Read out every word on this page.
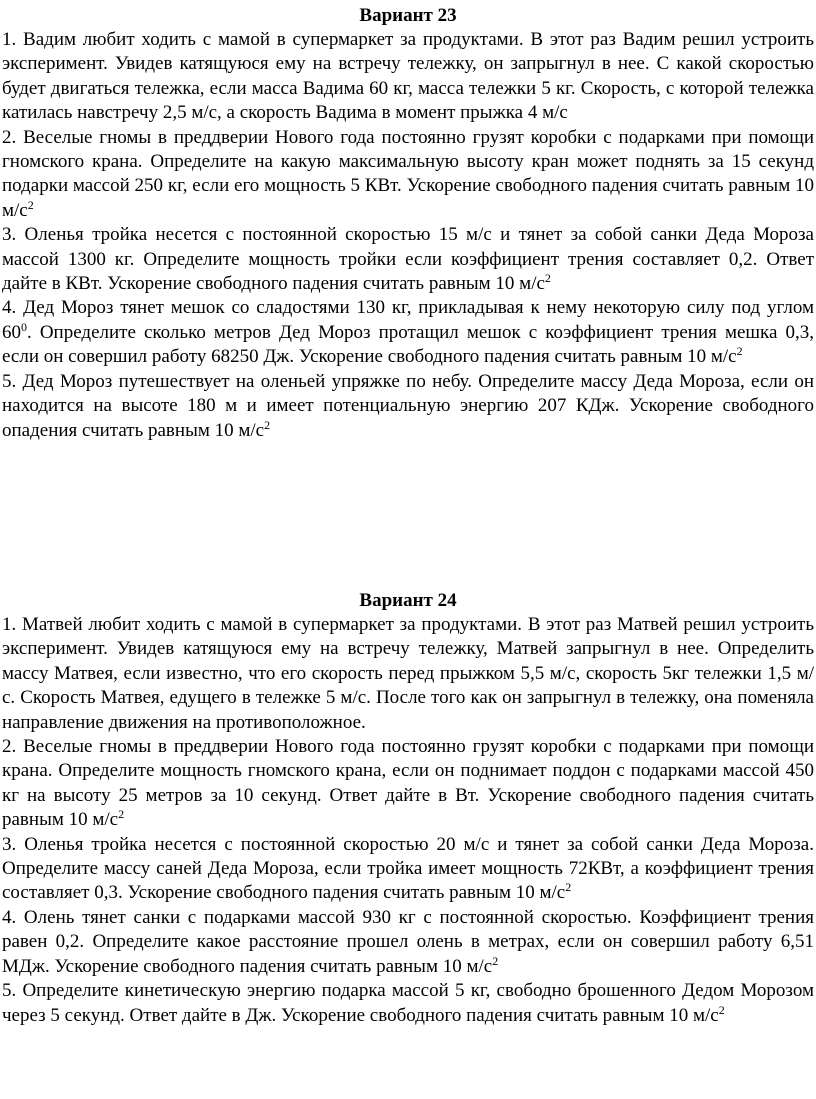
Вариант 23

1. Вадим любит ходить с мамой в супермаркет за продуктами. В этот раз Вадим решил устроить эксперимент. Увидев катящуюся ему на встречу тележку, он запрыгнул в нее. С какой скоростью будет двигаться тележка, если масса Вадима 60 кг, масса тележки 5 кг. Скорость, с которой тележка катилась навстречу 2,5 м/с, а скорость Вадима в момент прыжка 4 м/с

2. Веселые гномы в преддверии Нового года постоянно грузят коробки с подарками при помощи гномского крана. Определите на какую максимальную высоту кран может поднять за 15 секунд подарки массой 250 кг, если его мощность 5 КВт. Ускорение свободного падения считать равным 10 $м/с^2$

3. Оленья тройка несется с постоянной скоростью 15 м/с и тянет за собой санки Деда Мороза массой 1300 кг. Определите мощность тройки если коэффициент трения составляет 0,2. Ответ дайте в КВт. Ускорение свободного падения считать равным 10 $м/с^2$

4. Дед Мороз тянет мешок со сладостями 130 кг, прикладывая к нему некоторую силу под углом $60^0$. Определите сколько метров Дед Мороз протащил мешок с коэффициент трения мешка 0,3, если он совершил работу 68250 Дж. Ускорение свободного падения считать равным 10 $м/с^2$

5. Дед Мороз путешествует на оленьей упряжке по небу. Определите массу Деда Мороза, если он находится на высоте 180 м и имеет потенциальную энергию 207 КДж. Ускорение свободного опадения считать равным 10 $м/с^2$

Вариант 24

1. Матвей любит ходить с мамой в супермаркет за продуктами. В этот раз Матвей решил устроить эксперимент. Увидев катящуюся ему на встречу тележку, Матвей запрыгнул в нее. Определить массу Матвея, если известно, что его скорость перед прыжком 5,5 м/с, скорость 5кг тележки 1,5 м/с. Скорость Матвея, едущего в тележке 5 м/с. После того как он запрыгнул в тележку, она поменяла направление движения на противоположное.

2. Веселые гномы в преддверии Нового года постоянно грузят коробки с подарками при помощи крана. Определите мощность гномского крана, если он поднимает поддон с подарками массой 450 кг на высоту 25 метров за 10 секунд. Ответ дайте в Вт. Ускорение свободного падения считать равным 10 $м/с^2$

3. Оленья тройка несется с постоянной скоростью 20 м/с и тянет за собой санки Деда Мороза. Определите массу саней Деда Мороза, если тройка имеет мощность 72КВт, а коэффициент трения составляет 0,3. Ускорение свободного падения считать равным 10 $м/с^2$

4. Олень тянет санки с подарками массой 930 кг с постоянной скоростью. Коэффициент трения равен 0,2. Определите какое расстояние прошел олень в метрах, если он совершил работу 6,51 МДж. Ускорение свободного падения считать равным 10 $м/с^2$

5. Определите кинетическую энергию подарка массой 5 кг, свободно брошенного Дедом Морозом через 5 секунд. Ответ дайте в Дж. Ускорение свободного падения считать равным 10 $м/с^2$
